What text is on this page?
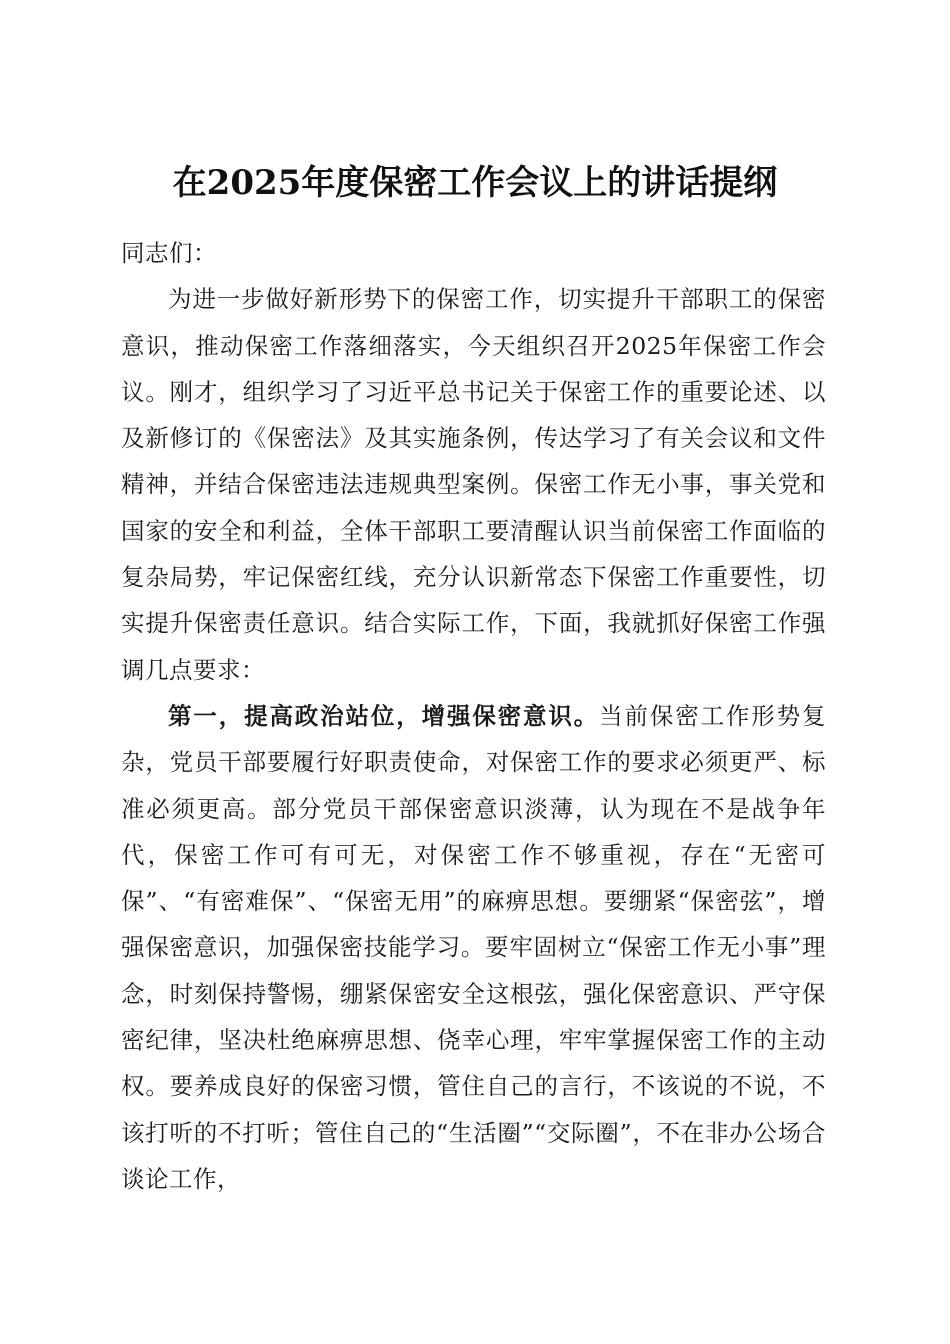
在2025年度保密工作会议上的讲话提纲

同志们：

为进一步做好新形势下的保密工作，切实提升干部职工的保密意识，推动保密工作落细落实，今天组织召开2025年保密工作会议。刚才，组织学习了习近平总书记关于保密工作的重要论述、以及新修订的《保密法》及其实施条例，传达学习了有关会议和文件精神，并结合保密违法违规典型案例。保密工作无小事，事关党和国家的安全和利益，全体干部职工要清醒认识当前保密工作面临的复杂局势，牢记保密红线，充分认识新常态下保密工作重要性，切实提升保密责任意识。结合实际工作，下面，我就抓好保密工作强调几点要求：

第一，提高政治站位，增强保密意识。当前保密工作形势复杂，党员干部要履行好职责使命，对保密工作的要求必须更严、标准必须更高。部分党员干部保密意识淡薄，认为现在不是战争年代，保密工作可有可无，对保密工作不够重视，存在“无密可保”、“有密难保”、“保密无用”的麻痹思想。要绷紧“保密弦”，增强保密意识，加强保密技能学习。要牢固树立“保密工作无小事”理念，时刻保持警惕，绷紧保密安全这根弦，强化保密意识、严守保密纪律，坚决杜绝麻痹思想、侥幸心理，牢牢掌握保密工作的主动权。要养成良好的保密习惯，管住自己的言行，不该说的不说，不该打听的不打听；管住自己的“生活圈”“交际圈”，不在非办公场合谈论工作，
